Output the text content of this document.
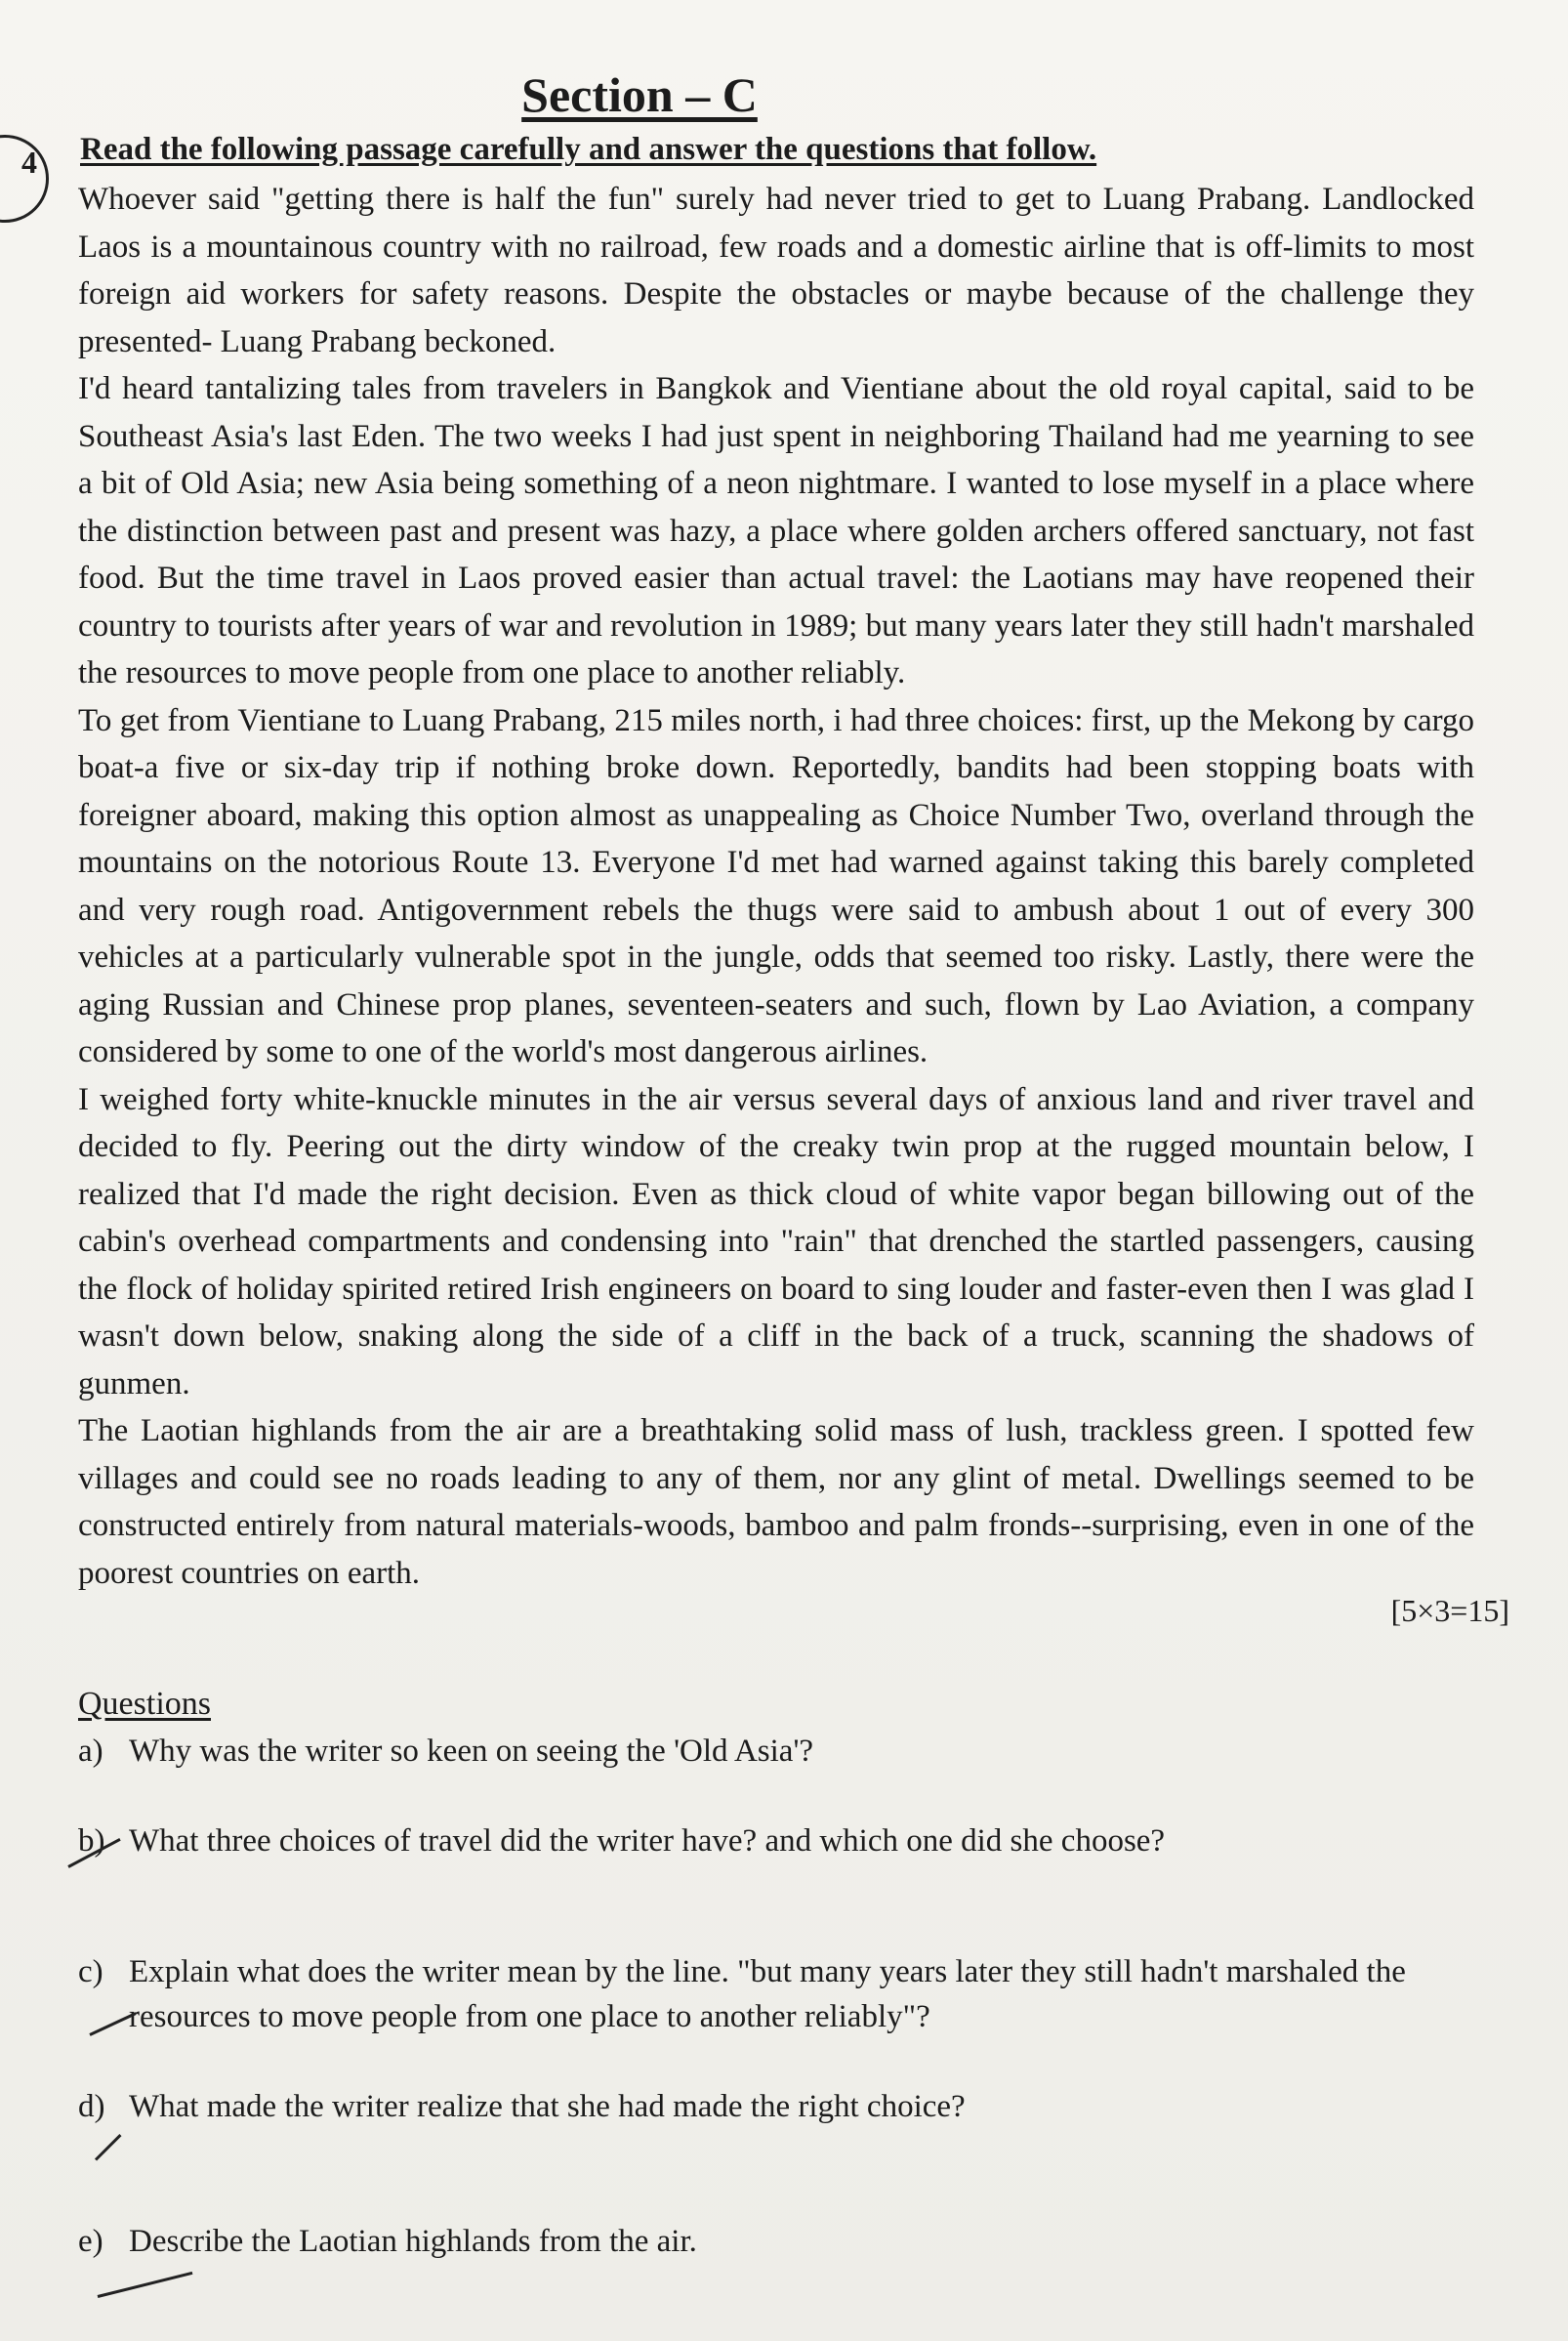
Section – C
4 Read the following passage carefully and answer the questions that follow.

Whoever said "getting there is half the fun" surely had never tried to get to Luang Prabang. Landlocked Laos is a mountainous country with no railroad, few roads and a domestic airline that is off-limits to most foreign aid workers for safety reasons. Despite the obstacles or maybe because of the challenge they presented- Luang Prabang beckoned.

I'd heard tantalizing tales from travelers in Bangkok and Vientiane about the old royal capital, said to be Southeast Asia's last Eden. The two weeks I had just spent in neighboring Thailand had me yearning to see a bit of Old Asia; new Asia being something of a neon nightmare. I wanted to lose myself in a place where the distinction between past and present was hazy, a place where golden archers offered sanctuary, not fast food. But the time travel in Laos proved easier than actual travel: the Laotians may have reopened their country to tourists after years of war and revolution in 1989; but many years later they still hadn't marshaled the resources to move people from one place to another reliably.

To get from Vientiane to Luang Prabang, 215 miles north, i had three choices: first, up the Mekong by cargo boat-a five or six-day trip if nothing broke down. Reportedly, bandits had been stopping boats with foreigner aboard, making this option almost as unappealing as Choice Number Two, overland through the mountains on the notorious Route 13. Everyone I'd met had warned against taking this barely completed and very rough road. Antigovernment rebels the thugs were said to ambush about 1 out of every 300 vehicles at a particularly vulnerable spot in the jungle, odds that seemed too risky. Lastly, there were the aging Russian and Chinese prop planes, seventeen-seaters and such, flown by Lao Aviation, a company considered by some to one of the world's most dangerous airlines.

I weighed forty white-knuckle minutes in the air versus several days of anxious land and river travel and decided to fly. Peering out the dirty window of the creaky twin prop at the rugged mountain below, I realized that I'd made the right decision. Even as thick cloud of white vapor began billowing out of the cabin's overhead compartments and condensing into "rain" that drenched the startled passengers, causing the flock of holiday spirited retired Irish engineers on board to sing louder and faster-even then I was glad I wasn't down below, snaking along the side of a cliff in the back of a truck, scanning the shadows of gunmen.

The Laotian highlands from the air are a breathtaking solid mass of lush, trackless green. I spotted few villages and could see no roads leading to any of them, nor any glint of metal. Dwellings seemed to be constructed entirely from natural materials-woods, bamboo and palm fronds--surprising, even in one of the poorest countries on earth.

[5×3=15]
Questions
a) Why was the writer so keen on seeing the 'Old Asia'?
b) What three choices of travel did the writer have? and which one did she choose?
c) Explain what does the writer mean by the line. "but many years later they still hadn't marshaled the resources to move people from one place to another reliably"?
d) What made the writer realize that she had made the right choice?
e) Describe the Laotian highlands from the air.
